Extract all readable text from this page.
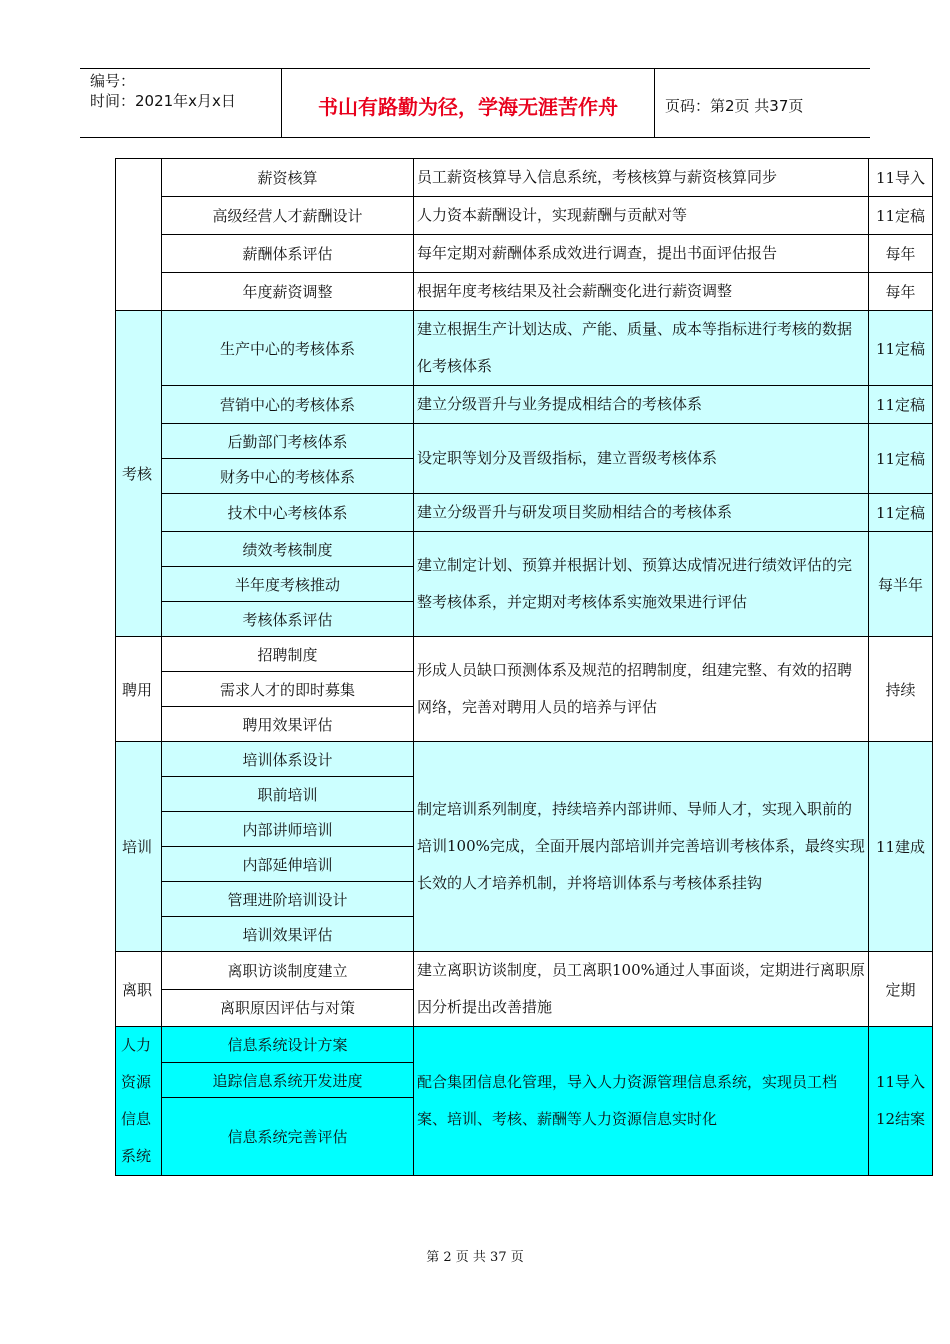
编号：
时间：2021年x月x日	书山有路勤为径，学海无涯苦作舟	页码：第2页 共37页
	薪资核算	员工薪资核算导入信息系统，考核核算与薪资核算同步	11导入
	高级经营人才薪酬设计	人力资本薪酬设计，实现薪酬与贡献对等	11定稿
	薪酬体系评估	每年定期对薪酬体系成效进行调查，提出书面评估报告	每年
	年度薪资调整	根据年度考核结果及社会薪酬变化进行薪资调整	每年
考核	生产中心的考核体系	建立根据生产计划达成、产能、质量、成本等指标进行考核的数据化考核体系	11定稿
	营销中心的考核体系	建立分级晋升与业务提成相结合的考核体系	11定稿
	后勤部门考核体系	设定职等划分及晋级指标，建立晋级考核体系	11定稿
	财务中心的考核体系		
	技术中心考核体系	建立分级晋升与研发项目奖励相结合的考核体系	11定稿
	绩效考核制度	建立制定计划、预算并根据计划、预算达成情况进行绩效评估的完整考核体系，并定期对考核体系实施效果进行评估	每半年
	半年度考核推动		
	考核体系评估		
聘用	招聘制度	形成人员缺口预测体系及规范的招聘制度，组建完整、有效的招聘网络，完善对聘用人员的培养与评估	持续
	需求人才的即时募集		
	聘用效果评估		
培训	培训体系设计	制定培训系列制度，持续培养内部讲师、导师人才，实现入职前的培训100%完成，全面开展内部培训并完善培训考核体系，最终实现长效的人才培养机制，并将培训体系与考核体系挂钩	11建成
	职前培训		
	内部讲师培训		
	内部延伸培训		
	管理进阶培训设计		
	培训效果评估		
离职	离职访谈制度建立	建立离职访谈制度，员工离职100%通过人事面谈，定期进行离职原因分析提出改善措施	定期
	离职原因评估与对策		
人力资源信息系统	信息系统设计方案	配合集团信息化管理，导入人力资源管理信息系统，实现员工档案、培训、考核、薪酬等人力资源信息实时化	11导入12结案
	追踪信息系统开发进度		
	信息系统完善评估		
第 2 页 共 37 页
